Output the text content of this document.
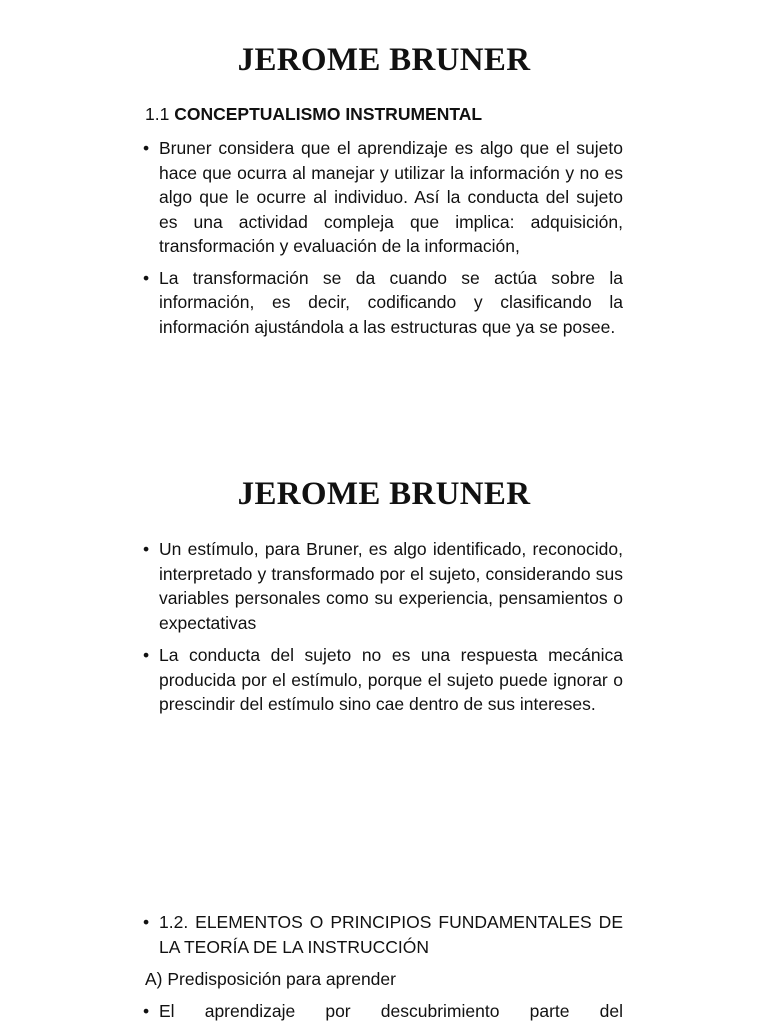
JEROME BRUNER

1.1 CONCEPTUALISMO INSTRUMENTAL

• Bruner considera que el aprendizaje es algo que el sujeto hace que ocurra al manejar y utilizar la información y no es algo que le ocurre al individuo. Así la conducta del sujeto es una actividad compleja que implica: adquisición, transformación y evaluación de la información,
• La transformación se da cuando se actúa sobre la información, es decir, codificando y clasificando la información ajustándola a las estructuras que ya se posee.
JEROME BRUNER
• Un estímulo, para Bruner, es algo identificado, reconocido, interpretado y transformado por el sujeto, considerando sus variables personales como su experiencia, pensamientos o expectativas
• La conducta del sujeto no es una respuesta mecánica producida por el estímulo, porque el sujeto puede ignorar o prescindir del estímulo sino cae dentro de sus intereses.
• 1.2. ELEMENTOS O PRINCIPIOS FUNDAMENTALES DE LA TEORÍA DE LA INSTRUCCIÓN

A) Predisposición para aprender

• El aprendizaje por descubrimiento parte del
